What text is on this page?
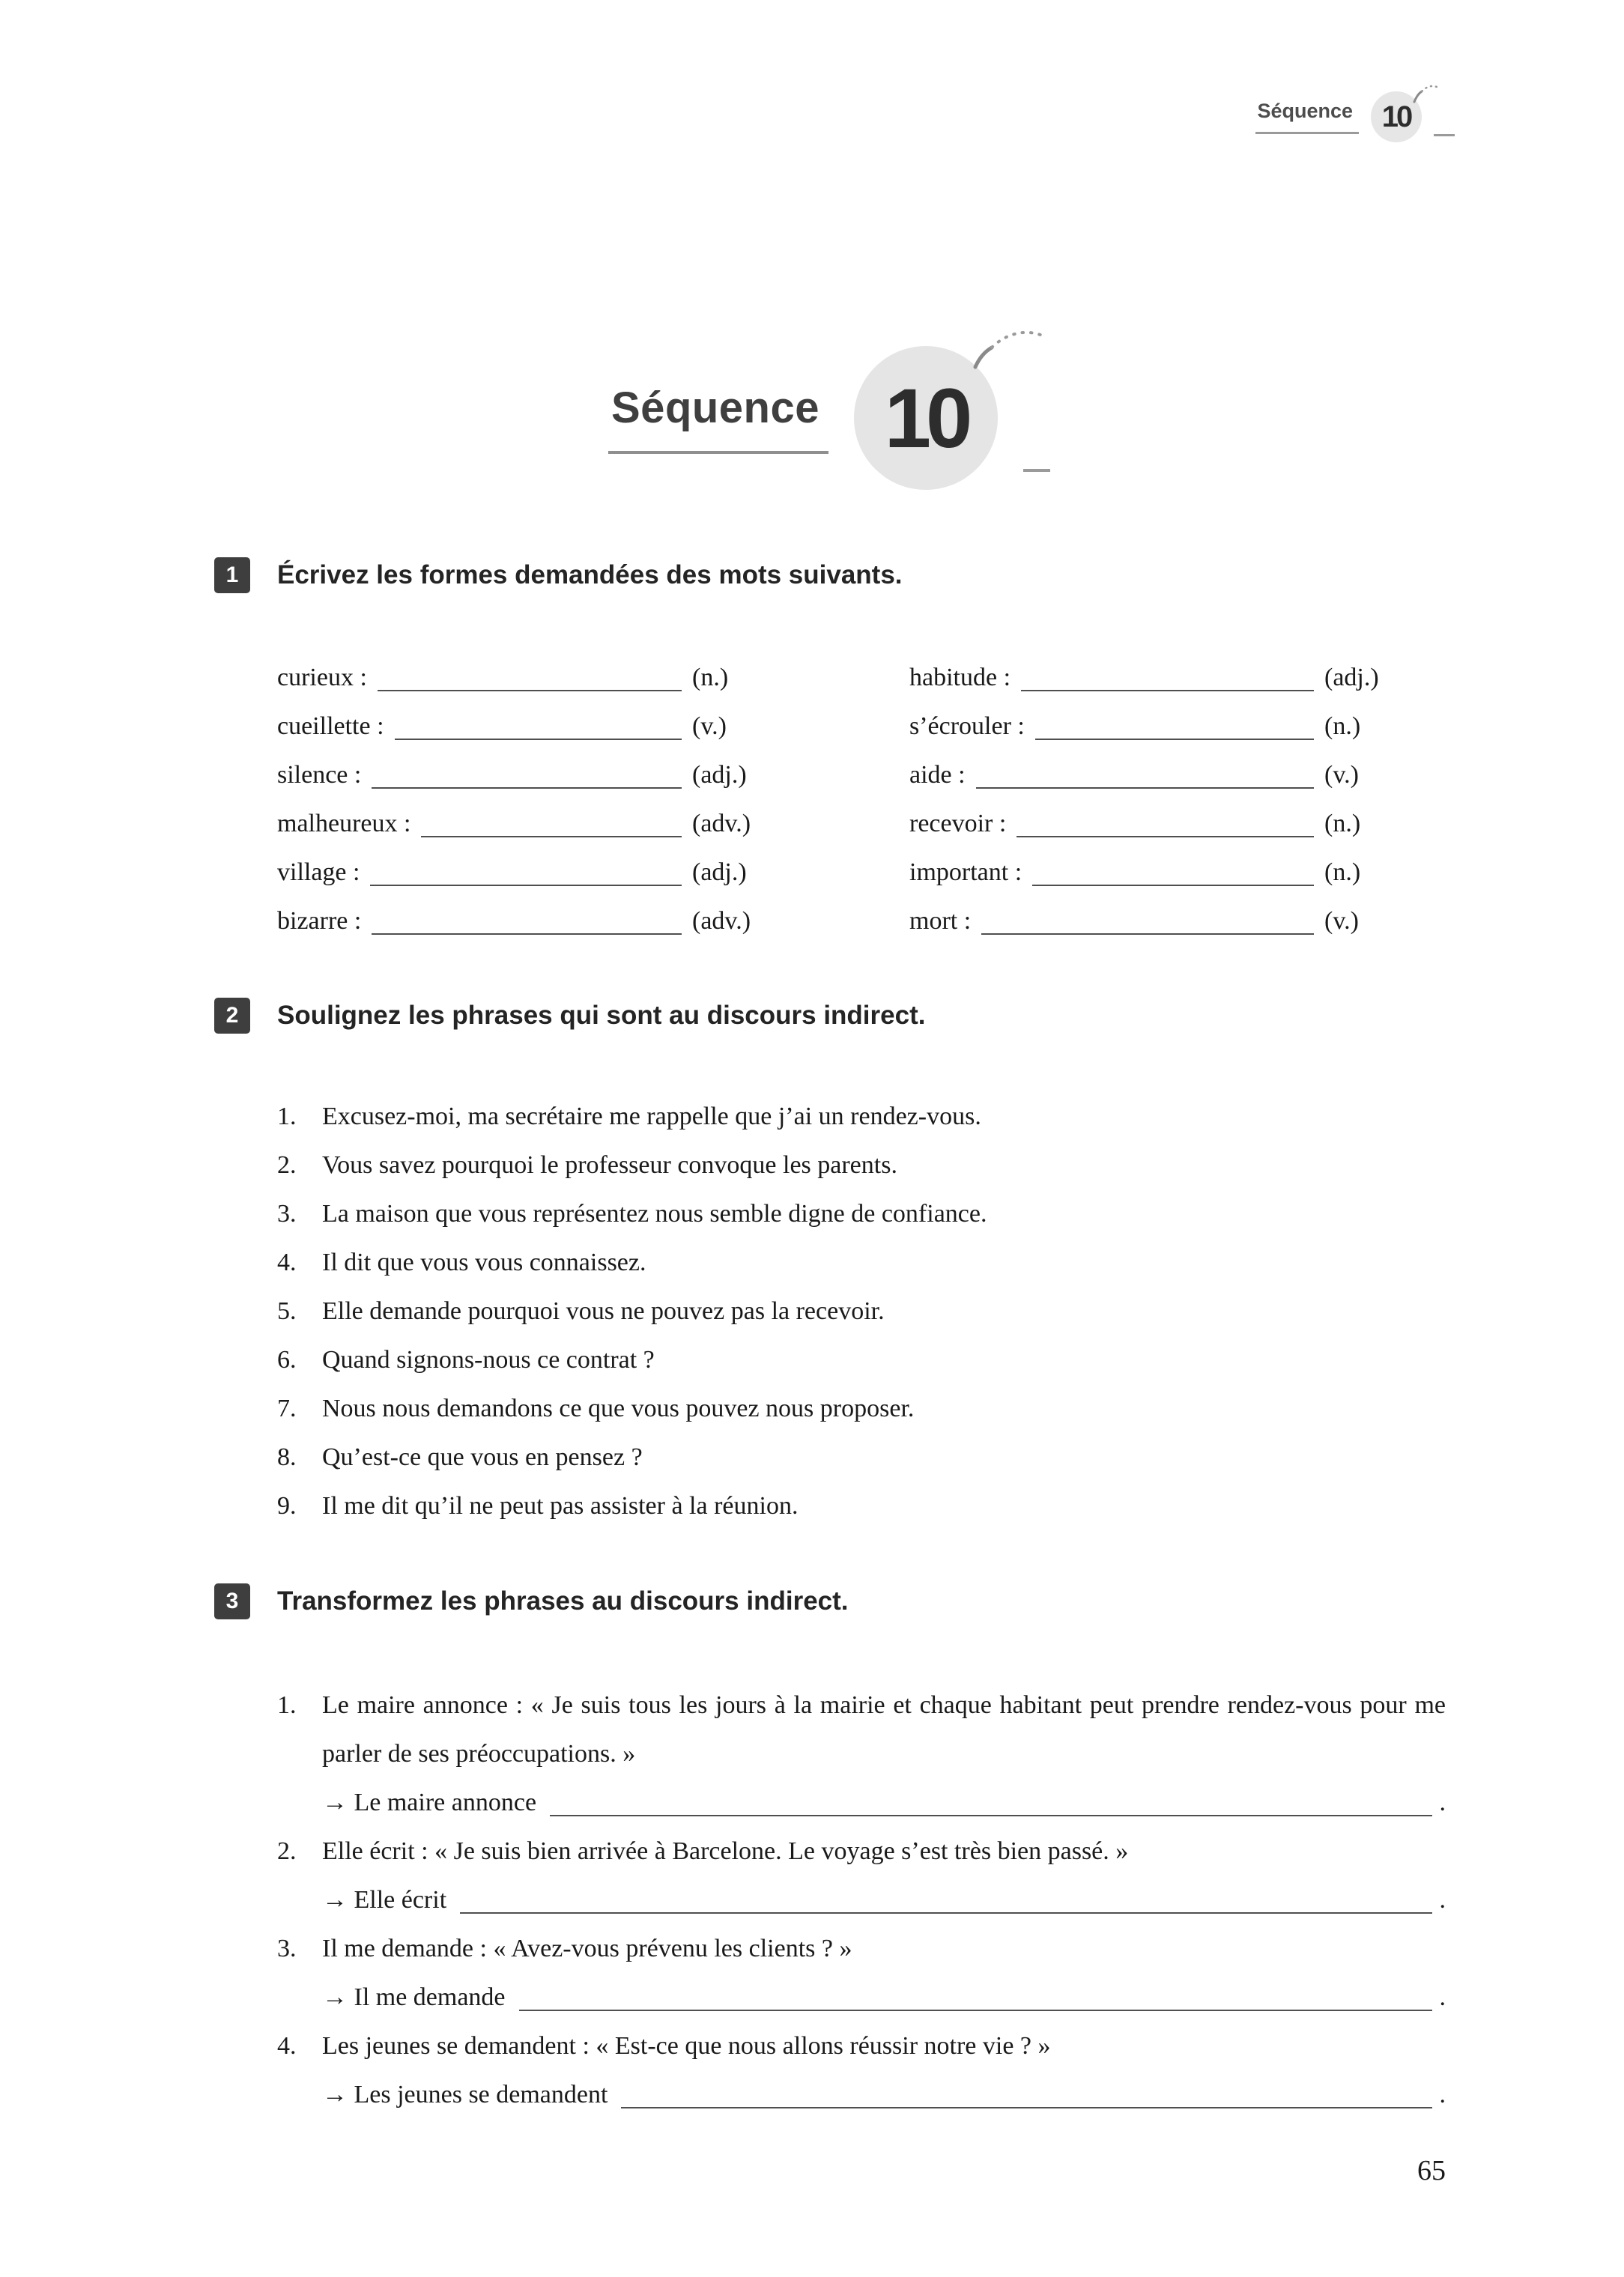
Séquence 10
Séquence 10
1	Écrivez les formes demandées des mots suivants.
curieux :	(n.)
cueillette :	(v.)
silence :	(adj.)
malheureux :	(adv.)
village :	(adj.)
bizarre :	(adv.)
habitude :	(adj.)
s’écrouler :	(n.)
aide :	(v.)
recevoir :	(n.)
important :	(n.)
mort :	(v.)
2	Soulignez les phrases qui sont au discours indirect.
1.	Excusez-moi, ma secrétaire me rappelle que j’ai un rendez-vous.
2.	Vous savez pourquoi le professeur convoque les parents.
3.	La maison que vous représentez nous semble digne de confiance.
4.	Il dit que vous vous connaissez.
5.	Elle demande pourquoi vous ne pouvez pas la recevoir.
6.	Quand signons-nous ce contrat ?
7.	Nous nous demandons ce que vous pouvez nous proposer.
8.	Qu’est-ce que vous en pensez ?
9.	Il me dit qu’il ne peut pas assister à la réunion.
3	Transformez les phrases au discours indirect.
1.	Le maire annonce : « Je suis tous les jours à la mairie et chaque habitant peut prendre rendez-vous pour me parler de ses préoccupations. »
→ Le maire annonce	.
2.	Elle écrit : « Je suis bien arrivée à Barcelone. Le voyage s’est très bien passé. »
→ Elle écrit	.
3.	Il me demande : « Avez-vous prévenu les clients ? »
→ Il me demande	.
4.	Les jeunes se demandent : « Est-ce que nous allons réussir notre vie ? »
→ Les jeunes se demandent	.
65
